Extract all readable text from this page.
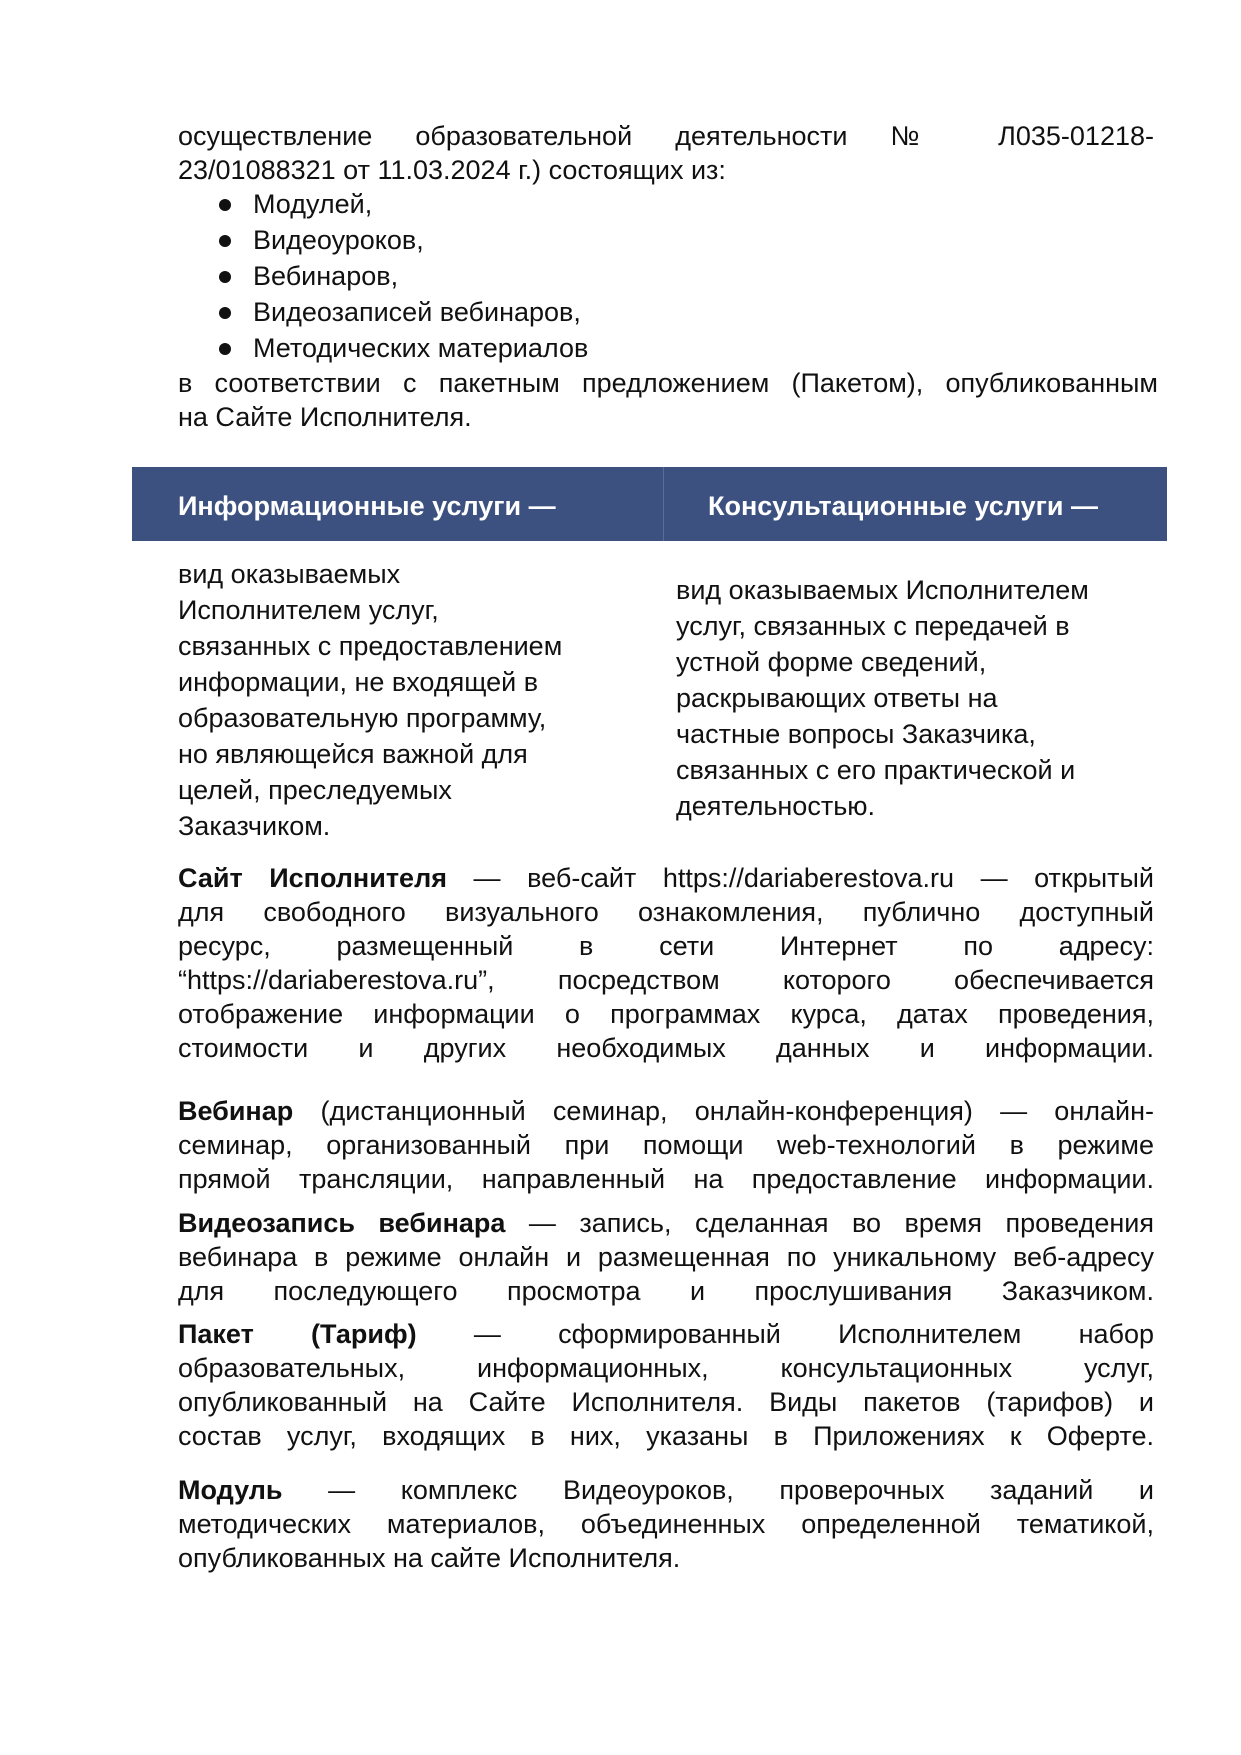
осуществление образовательной деятельности № Л035-01218-
23/01088321 от 11.03.2024 г.) состоящих из:
Модулей,
Видеоуроков,
Вебинаров,
Видеозаписей вебинаров,
Методических материалов
в соответствии с пакетным предложением (Пакетом), опубликованным
на Сайте Исполнителя.
Информационные услуги —	Консультационные услуги —
вид оказываемых
Исполнителем услуг,
связанных с предоставлением
информации, не входящей в
образовательную программу,
но являющейся важной для
целей, преследуемых
Заказчиком.
вид оказываемых Исполнителем
услуг, связанных с передачей в
устной форме сведений,
раскрывающих ответы на
частные вопросы Заказчика,
связанных с его практической и
деятельностью.
Сайт Исполнителя — веб-сайт https://dariaberestova.ru — открытый
для свободного визуального ознакомления, публично доступный
ресурс, размещенный в сети Интернет по адресу:
“https://dariaberestova.ru”, посредством которого обеспечивается
отображение информации о программах курса, датах проведения,
стоимости и других необходимых данных и информации.
Вебинар (дистанционный семинар, онлайн-конференция) — онлайн-
семинар, организованный при помощи web-технологий в режиме
прямой трансляции, направленный на предоставление информации.
Видеозапись вебинара — запись, сделанная во время проведения
вебинара в режиме онлайн и размещенная по уникальному веб-адресу
для последующего просмотра и прослушивания Заказчиком.
Пакет (Тариф) — сформированный Исполнителем набор
образовательных, информационных, консультационных услуг,
опубликованный на Сайте Исполнителя. Виды пакетов (тарифов) и
состав услуг, входящих в них, указаны в Приложениях к Оферте.
Модуль — комплекс Видеоуроков, проверочных заданий и
методических материалов, объединенных определенной тематикой,
опубликованных на сайте Исполнителя.
